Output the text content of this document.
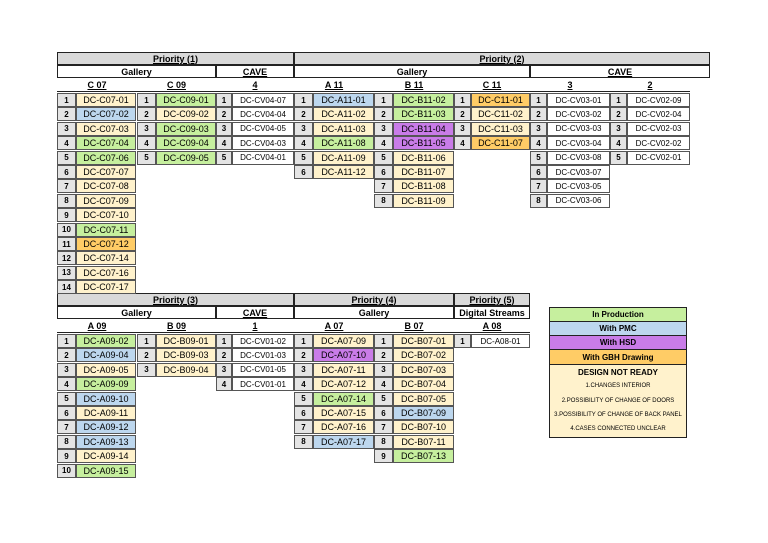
Priority (1)
Gallery	CAVE
C 07	C 09	4
Priority (2)
Gallery	CAVE
A 11	B 11	C 11	3	2
Priority (3)
Gallery	CAVE
A 09	B 09	1
Priority (4)
Gallery
A 07	B 07
Priority (5)
Digital Streams
A 08
In Production
With PMC
With HSD
With GBH Drawing
DESIGN NOT READY
1.CHANGES INTERIOR
2.POSSIBILITY OF CHANGE OF DOORS
3.POSSIBILITY OF CHANGE OF BACK PANEL
4.CASES CONNECTED UNCLEAR
1	DC-C07-01
2	DC-C07-02
3	DC-C07-03
4	DC-C07-04
5	DC-C07-06
6	DC-C07-07
7	DC-C07-08
8	DC-C07-09
9	DC-C07-10
10	DC-C07-11
11	DC-C07-12
12	DC-C07-14
13	DC-C07-16
14	DC-C07-17
1	DC-C09-01
2	DC-C09-02
3	DC-C09-03
4	DC-C09-04
5	DC-C09-05
1	DC-CV04-07
2	DC-CV04-04
3	DC-CV04-05
4	DC-CV04-03
5	DC-CV04-01
1	DC-A11-01
2	DC-A11-02
3	DC-A11-03
4	DC-A11-08
5	DC-A11-09
6	DC-A11-12
1	DC-B11-02
2	DC-B11-03
3	DC-B11-04
4	DC-B11-05
5	DC-B11-06
6	DC-B11-07
7	DC-B11-08
8	DC-B11-09
1	DC-C11-01
2	DC-C11-02
3	DC-C11-03
4	DC-C11-07
1	DC-CV03-01
2	DC-CV03-02
3	DC-CV03-03
4	DC-CV03-04
5	DC-CV03-08
6	DC-CV03-07
7	DC-CV03-05
8	DC-CV03-06
1	DC-CV02-09
2	DC-CV02-04
3	DC-CV02-03
4	DC-CV02-02
5	DC-CV02-01
1	DC-A09-02
2	DC-A09-04
3	DC-A09-05
4	DC-A09-09
5	DC-A09-10
6	DC-A09-11
7	DC-A09-12
8	DC-A09-13
9	DC-A09-14
10	DC-A09-15
1	DC-B09-01
2	DC-B09-03
3	DC-B09-04
1	DC-CV01-02
2	DC-CV01-03
3	DC-CV01-05
4	DC-CV01-01
1	DC-A07-09
2	DC-A07-10
3	DC-A07-11
4	DC-A07-12
5	DC-A07-14
6	DC-A07-15
7	DC-A07-16
8	DC-A07-17
1	DC-B07-01
2	DC-B07-02
3	DC-B07-03
4	DC-B07-04
5	DC-B07-05
6	DC-B07-09
7	DC-B07-10
8	DC-B07-11
9	DC-B07-13
1	DC-A08-01
